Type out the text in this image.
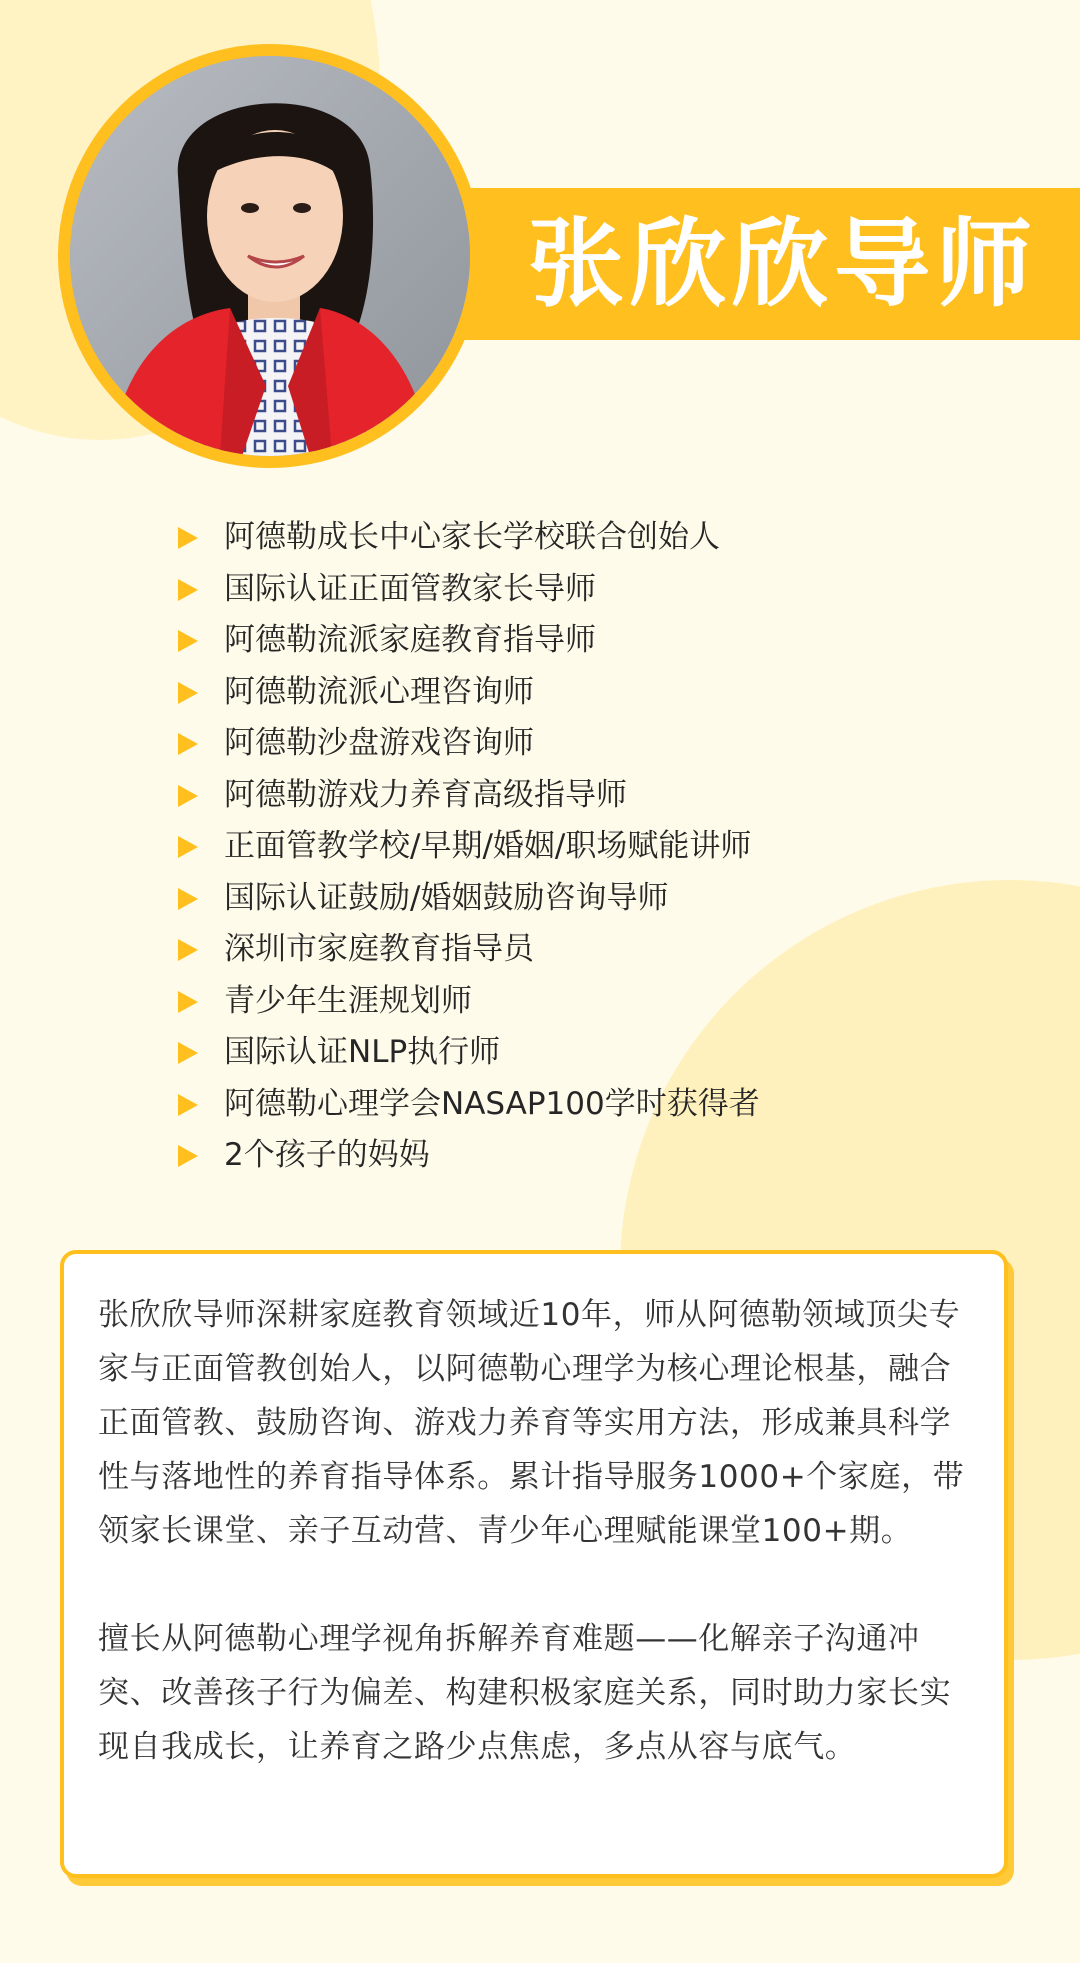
张欣欣导师
阿德勒成长中心家长学校联合创始人
国际认证正面管教家长导师
阿德勒流派家庭教育指导师
阿德勒流派心理咨询师
阿德勒沙盘游戏咨询师
阿德勒游戏力养育高级指导师
正面管教学校/早期/婚姻/职场赋能讲师
国际认证鼓励/婚姻鼓励咨询导师
深圳市家庭教育指导员
青少年生涯规划师
国际认证NLP执行师
阿德勒心理学会NASAP100学时获得者
2个孩子的妈妈

张欣欣导师深耕家庭教育领域近10年，师从阿德勒领域顶尖专家与正面管教创始人，以阿德勒心理学为核心理论根基，融合正面管教、鼓励咨询、游戏力养育等实用方法，形成兼具科学性与落地性的养育指导体系。累计指导服务1000+个家庭，带领家长课堂、亲子互动营、青少年心理赋能课堂100+期。

擅长从阿德勒心理学视角拆解养育难题——化解亲子沟通冲突、改善孩子行为偏差、构建积极家庭关系，同时助力家长实现自我成长，让养育之路少点焦虑，多点从容与底气。
